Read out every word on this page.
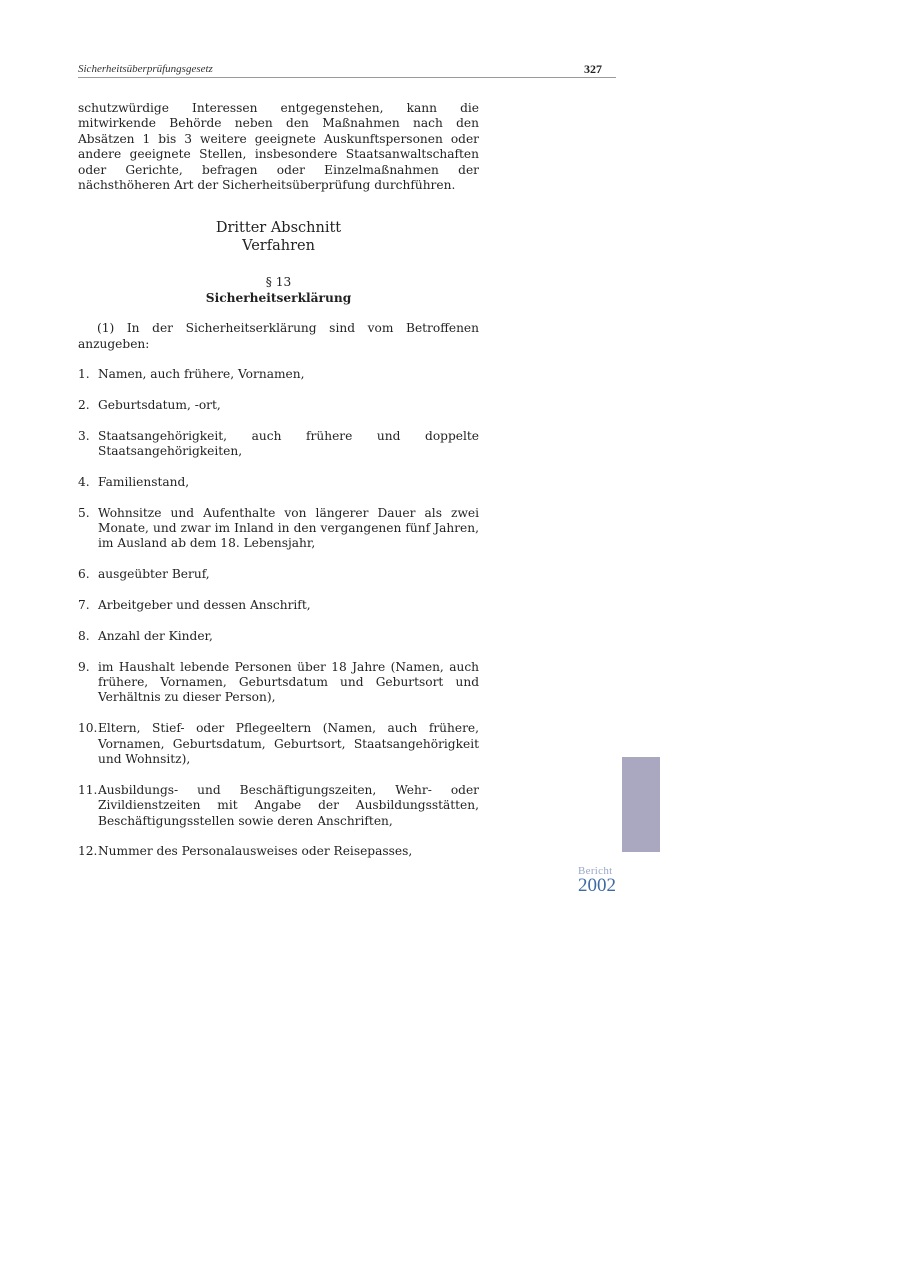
Sicherheitsüberprüfungsgesetz	327

schutzwürdige Interessen entgegenstehen, kann die mitwirkende Behörde neben den Maßnahmen nach den Absätzen 1 bis 3 weitere geeignete Auskunftspersonen oder andere geeignete Stellen, insbesondere Staatsanwaltschaften oder Gerichte, befragen oder Einzelmaßnahmen der nächsthöheren Art der Sicherheitsüberprüfung durchführen.

Dritter Abschnitt
Verfahren
§ 13
Sicherheitserklärung

(1) In der Sicherheitserklärung sind vom Betroffenen anzugeben:

1. Namen, auch frühere, Vornamen,
2. Geburtsdatum, -ort,
3. Staatsangehörigkeit, auch frühere und doppelte Staatsangehörigkeiten,
4. Familienstand,
5. Wohnsitze und Aufenthalte von längerer Dauer als zwei Monate, und zwar im Inland in den vergangenen fünf Jahren, im Ausland ab dem 18. Lebensjahr,
6. ausgeübter Beruf,
7. Arbeitgeber und dessen Anschrift,
8. Anzahl der Kinder,
9. im Haushalt lebende Personen über 18 Jahre (Namen, auch frühere, Vornamen, Geburtsdatum und Geburtsort und Verhältnis zu dieser Person),
10. Eltern, Stief- oder Pflegeeltern (Namen, auch frühere, Vornamen, Geburtsdatum, Geburtsort, Staatsangehörigkeit und Wohnsitz),
11. Ausbildungs- und Beschäftigungszeiten, Wehr- oder Zivildienstzeiten mit Angabe der Ausbildungsstätten, Beschäftigungsstellen sowie deren Anschriften,
12. Nummer des Personalausweises oder Reisepasses,
Bericht
2002
